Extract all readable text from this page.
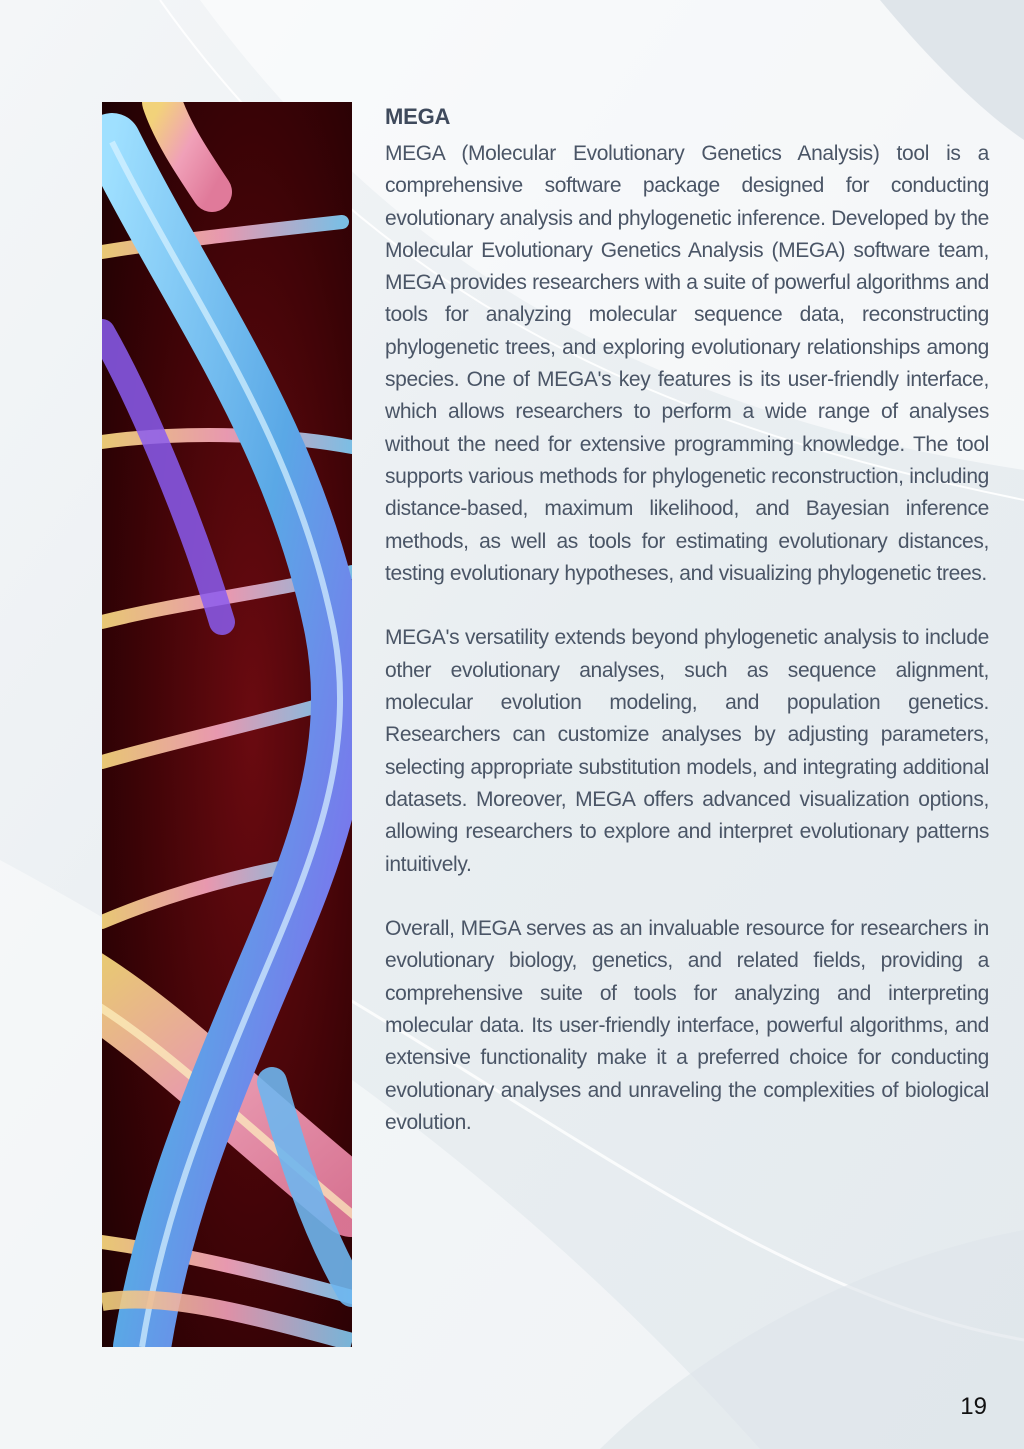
MEGA

MEGA (Molecular Evolutionary Genetics Analysis) tool is a comprehensive software package designed for conducting evolutionary analysis and phylogenetic inference. Developed by the Molecular Evolutionary Genetics Analysis (MEGA) software team, MEGA provides researchers with a suite of powerful algorithms and tools for analyzing molecular sequence data, reconstructing phylogenetic trees, and exploring evolutionary relationships among species. One of MEGA's key features is its user-friendly interface, which allows researchers to perform a wide range of analyses without the need for extensive programming knowledge. The tool supports various methods for phylogenetic reconstruction, including distance-based, maximum likelihood, and Bayesian inference methods, as well as tools for estimating evolutionary distances, testing evolutionary hypotheses, and visualizing phylogenetic trees.

MEGA's versatility extends beyond phylogenetic analysis to include other evolutionary analyses, such as sequence alignment, molecular evolution modeling, and population genetics. Researchers can customize analyses by adjusting parameters, selecting appropriate substitution models, and integrating additional datasets. Moreover, MEGA offers advanced visualization options, allowing researchers to explore and interpret evolutionary patterns intuitively.

Overall, MEGA serves as an invaluable resource for researchers in evolutionary biology, genetics, and related fields, providing a comprehensive suite of tools for analyzing and interpreting molecular data. Its user-friendly interface, powerful algorithms, and extensive functionality make it a preferred choice for conducting evolutionary analyses and unraveling the complexities of biological evolution.

19
